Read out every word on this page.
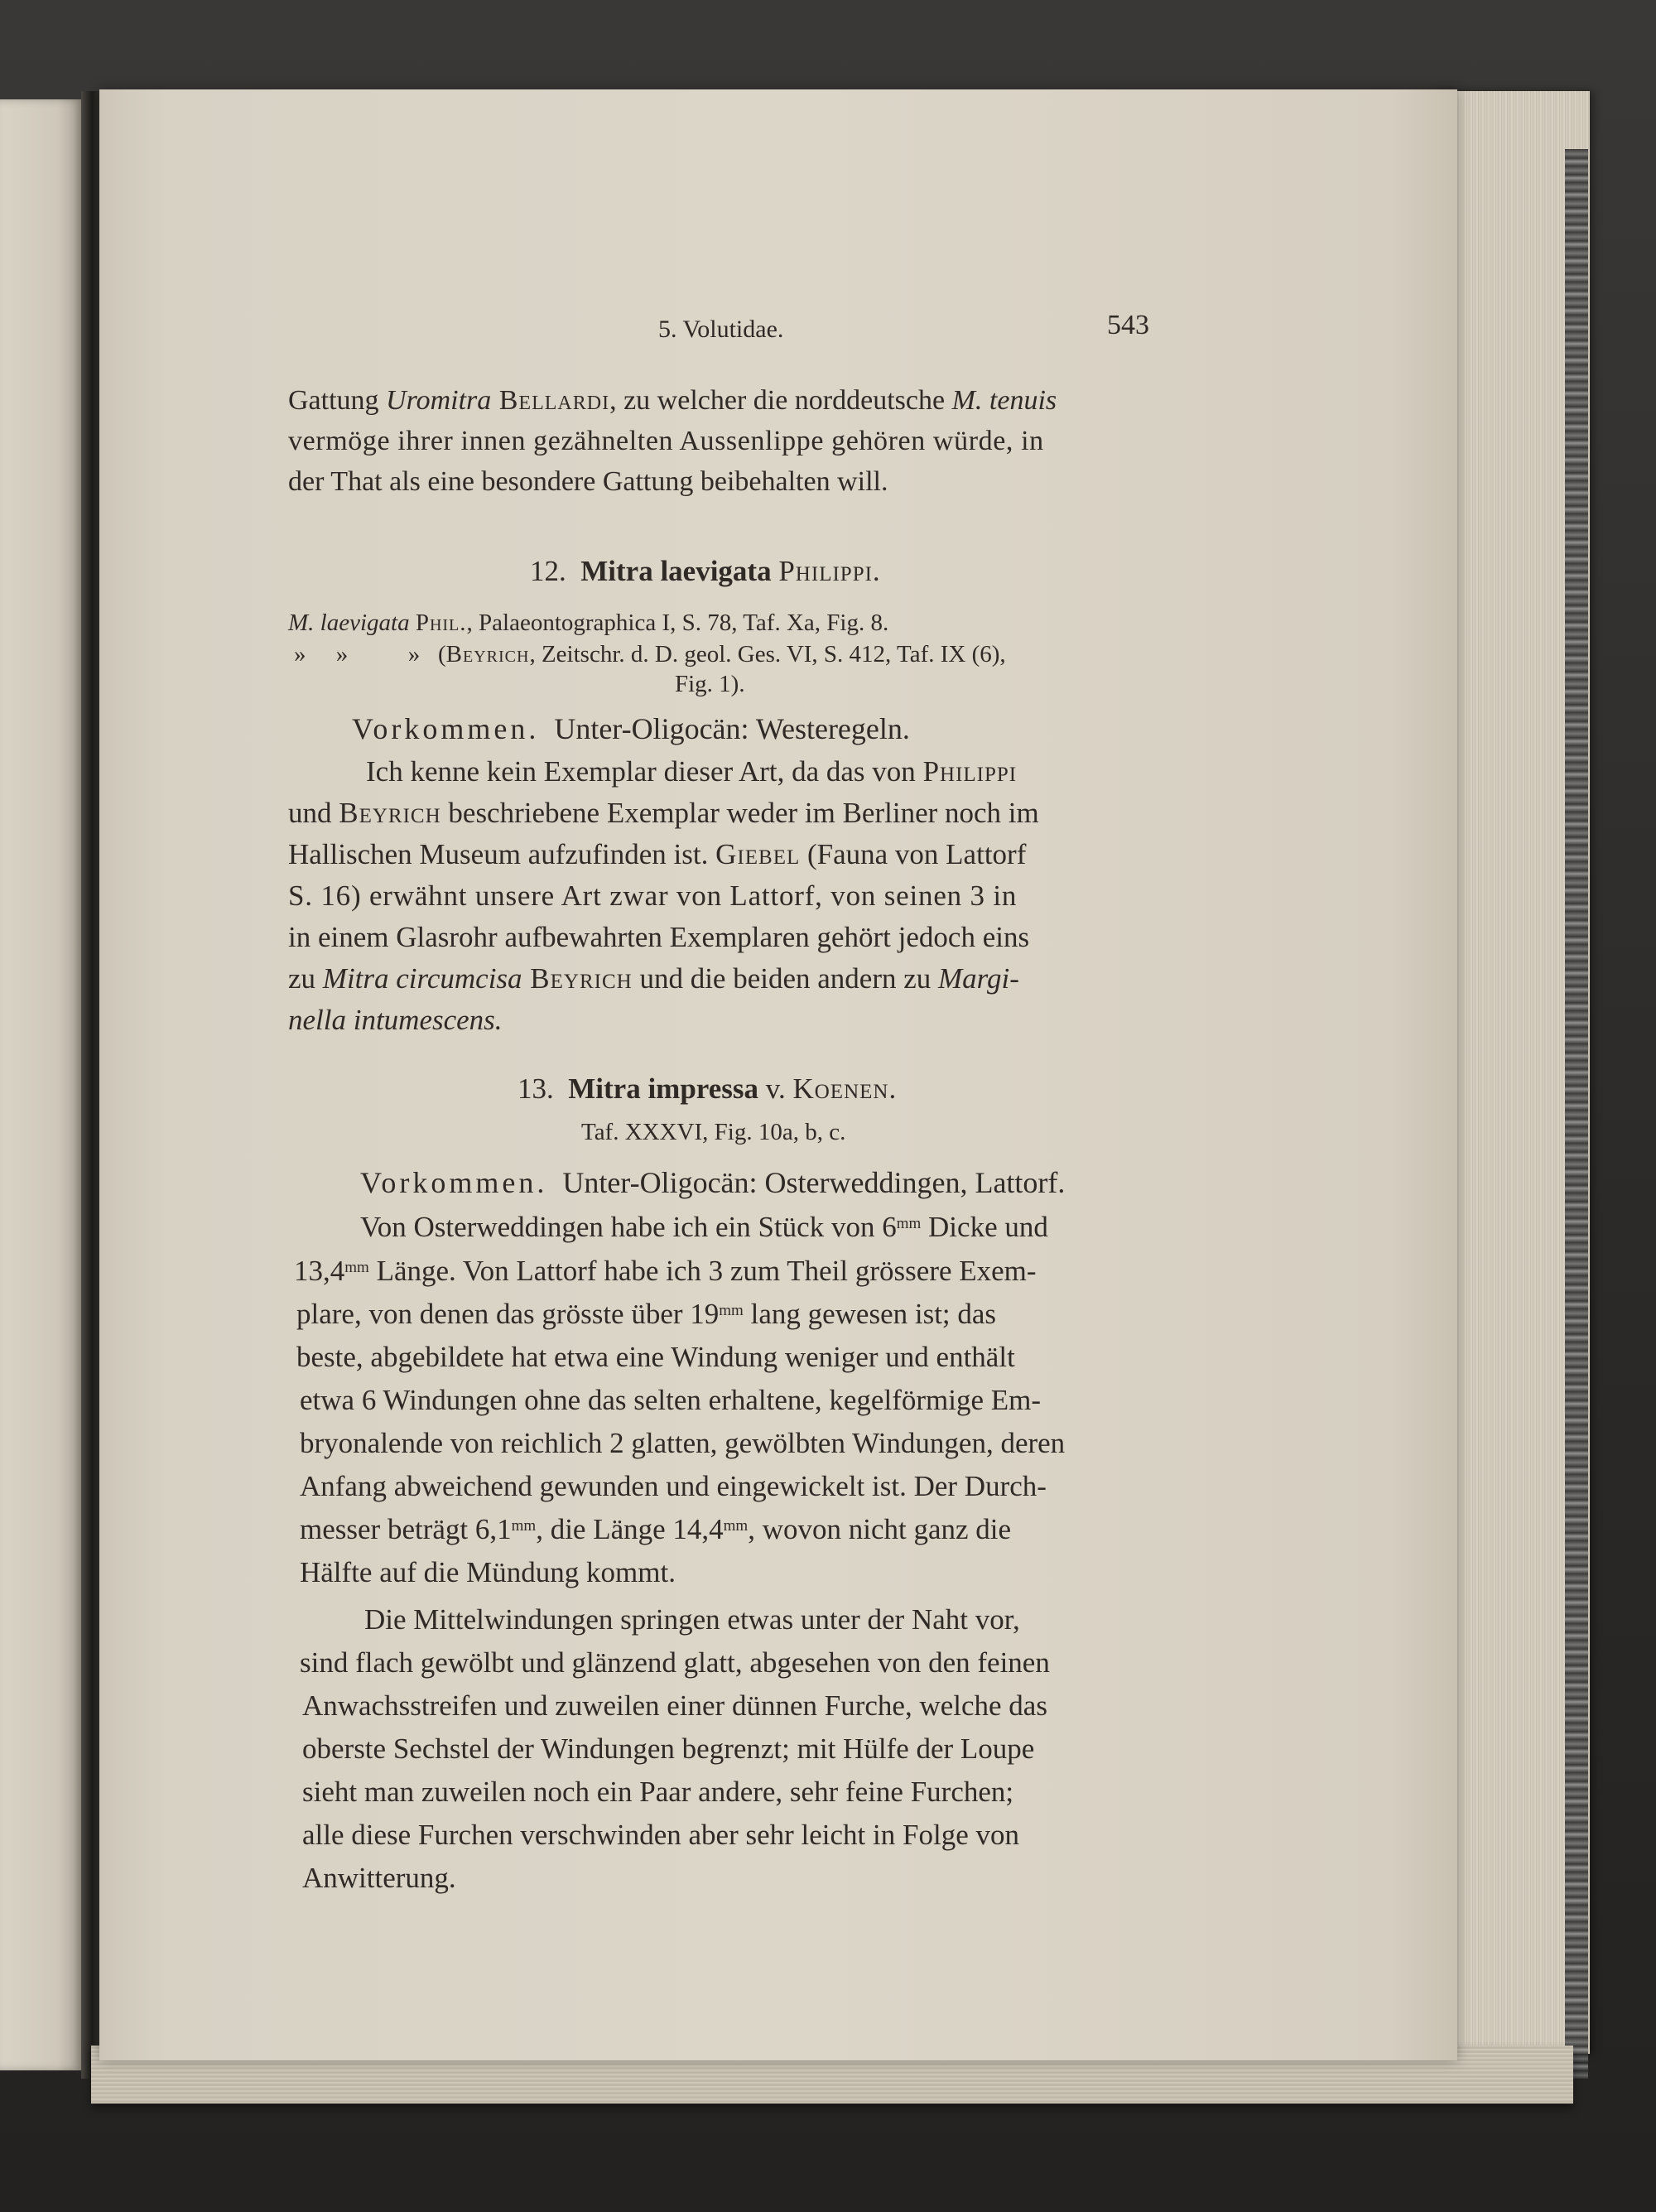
5. Volutidae.	543
Gattung Uromitra Bellardi, zu welcher die norddeutsche M. tenuis
vermöge ihrer innen gezähnelten Aussenlippe gehören würde, in
der That als eine besondere Gattung beibehalten will.
12. Mitra laevigata Philippi.
M. laevigata Phil., Palaeontographica I, S. 78, Taf. Xa, Fig. 8.
»     »          » (Beyrich, Zeitschr. d. D. geol. Ges. VI, S. 412, Taf. IX (6),
Fig. 1).
Vorkommen. Unter-Oligocän: Westeregeln.
Ich kenne kein Exemplar dieser Art, da das von Philippi
und Beyrich beschriebene Exemplar weder im Berliner noch im
Hallischen Museum aufzufinden ist. Giebel (Fauna von Lattorf
S. 16) erwähnt unsere Art zwar von Lattorf, von seinen 3 in
in einem Glasrohr aufbewahrten Exemplaren gehört jedoch eins
zu Mitra circumcisa Beyrich und die beiden andern zu Margi-
nella intumescens.
13. Mitra impressa v. Koenen.
Taf. XXXVI, Fig. 10a, b, c.
Vorkommen. Unter-Oligocän: Osterweddingen, Lattorf.
Von Osterweddingen habe ich ein Stück von $6^{mm}$ Dicke und
$13,4^{mm}$ Länge. Von Lattorf habe ich 3 zum Theil grössere Exem-
plare, von denen das grösste über $19^{mm}$ lang gewesen ist; das
beste, abgebildete hat etwa eine Windung weniger und enthält
etwa 6 Windungen ohne das selten erhaltene, kegelförmige Em-
bryonalende von reichlich 2 glatten, gewölbten Windungen, deren
Anfang abweichend gewunden und eingewickelt ist. Der Durch-
messer beträgt $6,1^{mm}$, die Länge $14,4^{mm}$, wovon nicht ganz die
Hälfte auf die Mündung kommt.
Die Mittelwindungen springen etwas unter der Naht vor,
sind flach gewölbt und glänzend glatt, abgesehen von den feinen
Anwachsstreifen und zuweilen einer dünnen Furche, welche das
oberste Sechstel der Windungen begrenzt; mit Hülfe der Loupe
sieht man zuweilen noch ein Paar andere, sehr feine Furchen;
alle diese Furchen verschwinden aber sehr leicht in Folge von
Anwitterung.
